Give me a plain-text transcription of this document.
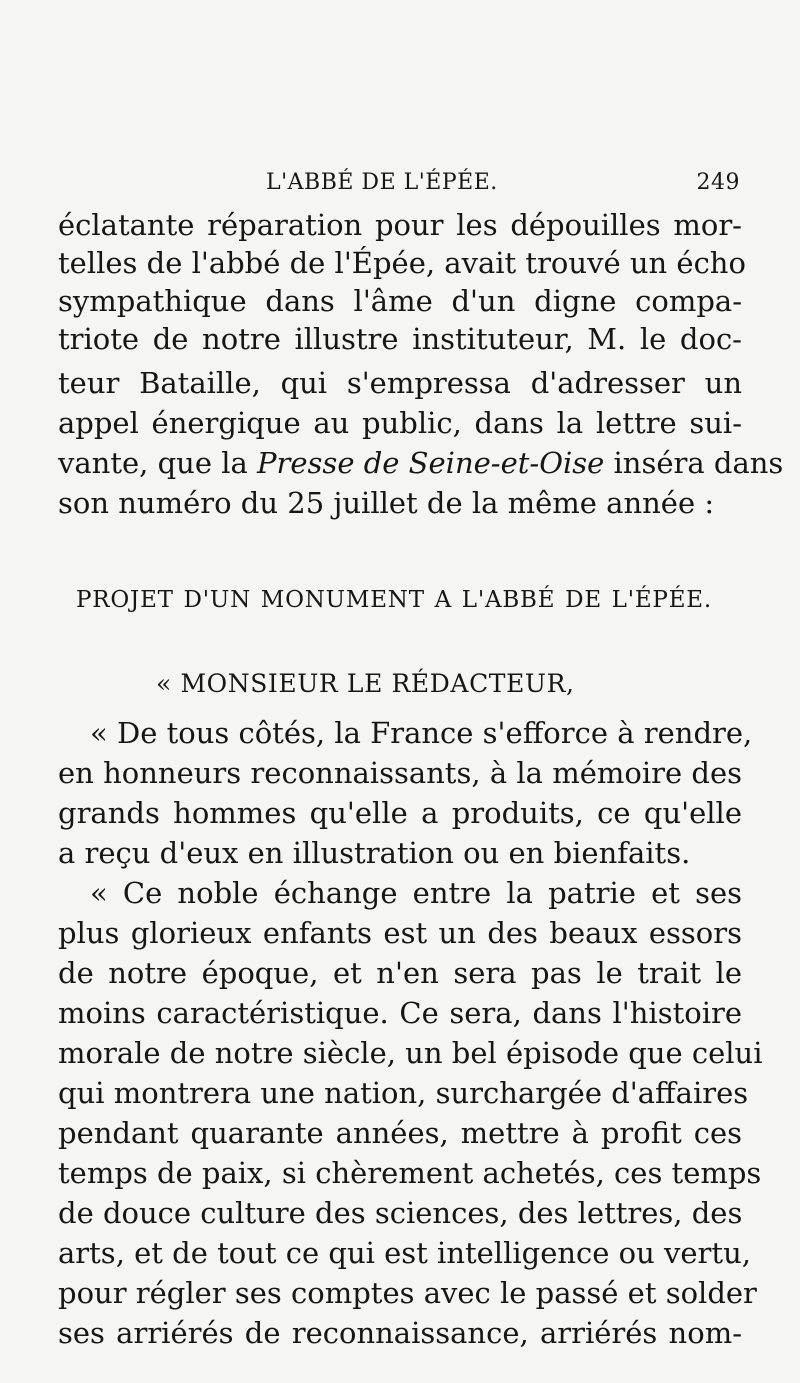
L'ABBÉ DE L'ÉPÉE.	249
éclatante réparation pour les dépouilles mor-
telles de l'abbé de l'Épée, avait trouvé un écho
sympathique dans l'âme d'un digne compa-
triote de notre illustre instituteur, M. le doc-
teur Bataille, qui s'empressa d'adresser un
appel énergique au public, dans la lettre sui-
vante, que la Presse de Seine-et-Oise inséra dans
son numéro du 25 juillet de la même année :
PROJET D'UN MONUMENT A L'ABBÉ DE L'ÉPÉE.
« MONSIEUR LE RÉDACTEUR,
« De tous côtés, la France s'efforce à rendre,
en honneurs reconnaissants, à la mémoire des
grands hommes qu'elle a produits, ce qu'elle
a reçu d'eux en illustration ou en bienfaits.
« Ce noble échange entre la patrie et ses
plus glorieux enfants est un des beaux essors
de notre époque, et n'en sera pas le trait le
moins caractéristique. Ce sera, dans l'histoire
morale de notre siècle, un bel épisode que celui
qui montrera une nation, surchargée d'affaires
pendant quarante années, mettre à profit ces
temps de paix, si chèrement achetés, ces temps
de douce culture des sciences, des lettres, des
arts, et de tout ce qui est intelligence ou vertu,
pour régler ses comptes avec le passé et solder
ses arriérés de reconnaissance, arriérés nom-
